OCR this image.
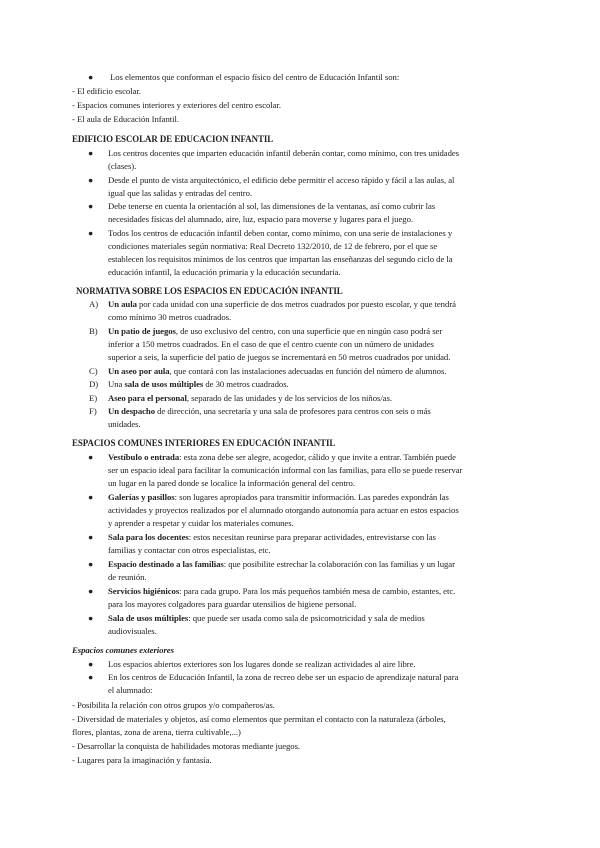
● Los elementos que conforman el espacio físico del centro de Educación Infantil son:
- El edificio escolar.
- Espacios comunes interiores y exteriores del centro escolar.
- El aula de Educación Infantil.
EDIFICIO ESCOLAR DE EDUCACION INFANTIL
● Los centros docentes que imparten educación infantil deberán contar, como mínimo, con tres unidades
(clases).
● Desde el punto de vista arquitectónico, el edificio debe permitir el acceso rápido y fácil a las aulas, al
igual que las salidas y entradas del centro.
● Debe tenerse en cuenta la orientación al sol, las dimensiones de la ventanas, así como cubrir las
necesidades físicas del alumnado, aire, luz, espacio para moverse y lugares para el juego.
● Todos los centros de educación infantil deben contar, como mínimo, con una serie de instalaciones y
condiciones materiales según normativa: Real Decreto 132/2010, de 12 de febrero, por el que se
establecen los requisitos mínimos de los centros que impartan las enseñanzas del segundo ciclo de la
educación infantil, la educación primaria y la educación secundaria.
NORMATIVA SOBRE LOS ESPACIOS EN EDUCACIÓN INFANTIL
A) Un aula por cada unidad con una superficie de dos metros cuadrados por puesto escolar, y que tendrá
como mínimo 30 metros cuadrados.
B) Un patio de juegos, de uso exclusivo del centro, con una superficie que en ningún caso podrá ser
inferior a 150 metros cuadrados. En el caso de que el centro cuente con un número de unidades
superior a seis, la superficie del patio de juegos se incrementará en 50 metros cuadrados por unidad.
C) Un aseo por aula, que contará con las instalaciones adecuadas en función del número de alumnos.
D) Una sala de usos múltiples de 30 metros cuadrados.
E) Aseo para el personal, separado de las unidades y de los servicios de los niños/as.
F) Un despacho de dirección, una secretaría y una sala de profesores para centros con seis o más
unidades.
ESPACIOS COMUNES INTERIORES EN EDUCACIÓN INFANTIL
● Vestíbulo o entrada: esta zona debe ser alegre, acogedor, cálido y que invite a entrar. También puede
ser un espacio ideal para facilitar la comunicación informal con las familias, para ello se puede reservar
un lugar en la pared donde se localice la información general del centro.
● Galerías y pasillos: son lugares apropiados para transmitir información. Las paredes expondrán las
actividades y proyectos realizados por el alumnado otorgando autonomía para actuar en estos espacios
y aprender a respetar y cuidar los materiales comunes.
● Sala para los docentes: estos necesitan reunirse para preparar actividades, entrevistarse con las
familias y contactar con otros especialistas, etc.
● Espacio destinado a las familias: que posibilite estrechar la colaboración con las familias y un lugar
de reunión.
● Servicios higiénicos: para cada grupo. Para los más pequeños también mesa de cambio, estantes, etc.
para los mayores colgadores para guardar utensilios de higiene personal.
● Sala de usos múltiples: que puede ser usada como sala de psicomotricidad y sala de medios
audiovisuales.
Espacios comunes exteriores
● Los espacios abiertos exteriores son los lugares donde se realizan actividades al aire libre.
● En los centros de Educación Infantil, la zona de recreo debe ser un espacio de aprendizaje natural para
el alumnado:
- Posibilita la relación con otros grupos y/o compañeros/as.
- Diversidad de materiales y objetos, así como elementos que permitan el contacto con la naturaleza (árboles,
flores, plantas, zona de arena, tierra cultivable,...)
- Desarrollar la conquista de habilidades motoras mediante juegos.
- Lugares para la imaginación y fantasía.
